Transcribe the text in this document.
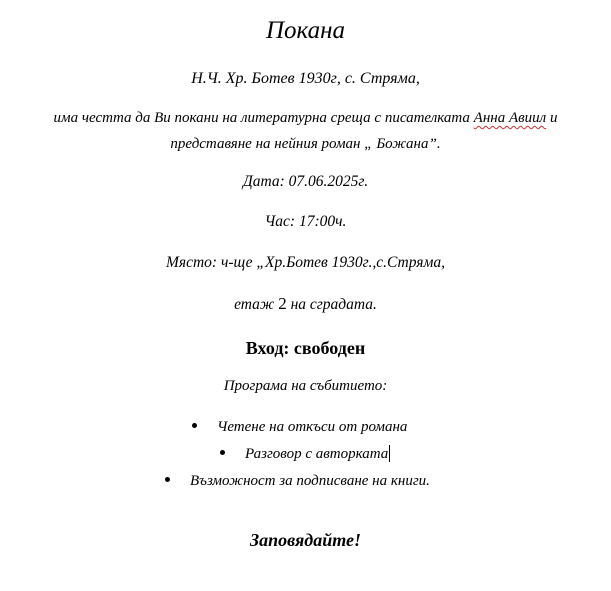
Покана
Н.Ч. Хр. Ботев 1930г, с. Стряма,
има честта да Ви покани на литературна среща с писателката Анна Авиил и
представяне на нейния роман „ Божана”.
Дата: 07.06.2025г.
Час: 17:00ч.
Място: ч-ще „Хр.Ботев 1930г.,с.Стряма,
етаж 2 на сградата.
Вход: свободен
Програма на събитието:
Четене на откъси от романа
Разговор с авторката
Възможност за подписване на книги.
Заповядайте!
